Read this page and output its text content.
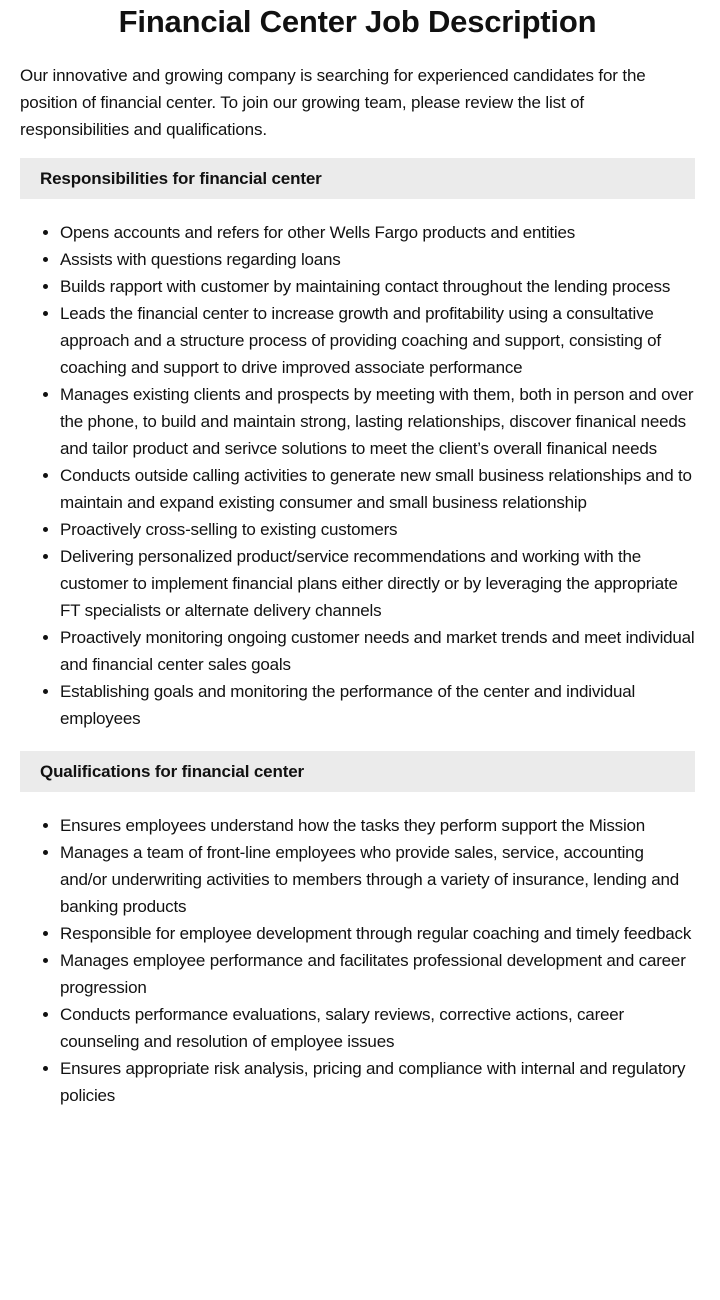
Financial Center Job Description

Our innovative and growing company is searching for experienced candidates for the position of financial center. To join our growing team, please review the list of responsibilities and qualifications.

Responsibilities for financial center
• Opens accounts and refers for other Wells Fargo products and entities
• Assists with questions regarding loans
• Builds rapport with customer by maintaining contact throughout the lending process
• Leads the financial center to increase growth and profitability using a consultative approach and a structure process of providing coaching and support, consisting of coaching and support to drive improved associate performance
• Manages existing clients and prospects by meeting with them, both in person and over the phone, to build and maintain strong, lasting relationships, discover finanical needs and tailor product and serivce solutions to meet the client’s overall finanical needs
• Conducts outside calling activities to generate new small business relationships and to maintain and expand existing consumer and small business relationship
• Proactively cross-selling to existing customers
• Delivering personalized product/service recommendations and working with the customer to implement financial plans either directly or by leveraging the appropriate FT specialists or alternate delivery channels
• Proactively monitoring ongoing customer needs and market trends and meet individual and financial center sales goals
• Establishing goals and monitoring the performance of the center and individual employees
Qualifications for financial center
• Ensures employees understand how the tasks they perform support the Mission
• Manages a team of front-line employees who provide sales, service, accounting and/or underwriting activities to members through a variety of insurance, lending and banking products
• Responsible for employee development through regular coaching and timely feedback
• Manages employee performance and facilitates professional development and career progression
• Conducts performance evaluations, salary reviews, corrective actions, career counseling and resolution of employee issues
• Ensures appropriate risk analysis, pricing and compliance with internal and regulatory policies
